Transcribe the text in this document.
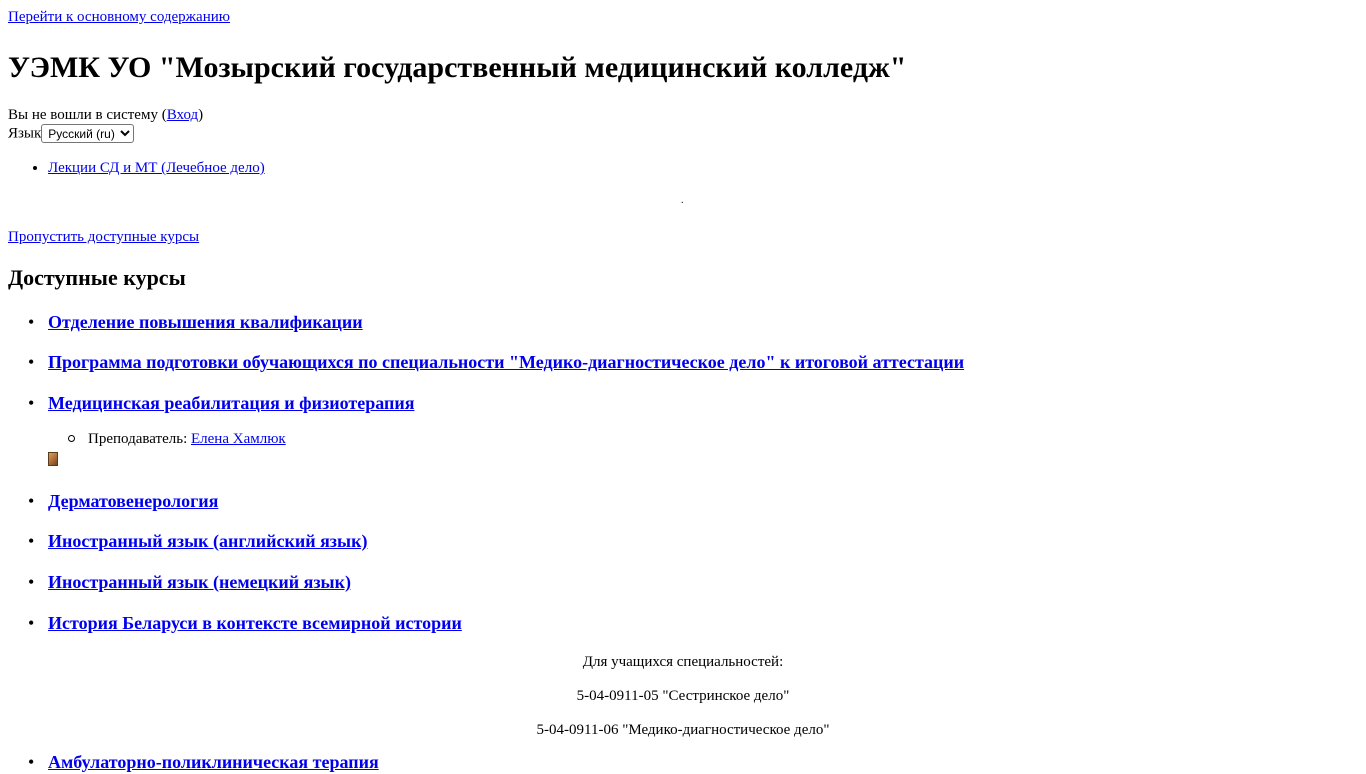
Перейти к основному содержанию
УЭМК УО "Мозырский государственный медицинский колледж"
Вы не вошли в систему (Вход)
Язык
Русский (ru)
• Лекции СД и МТ (Лечебное дело)
.
Пропустить доступные курсы
Доступные курсы
• Отделение повышения квалификации
• Программа подготовки обучающихся по специальности "Медико-диагностическое дело" к итоговой аттестации
• Медицинская реабилитация и физиотерапия
Преподаватель: Елена Хамлюк
• Дерматовенерология
• Иностранный язык (английский язык)
• Иностранный язык (немецкий язык)
• История Беларуси в контексте всемирной истории
• Амбулаторно-поликлиническая терапия

Для учащихся специальностей:

5-04-0911-05 "Сестринское дело"

5-04-0911-06 "Медико-диагностическое дело"
